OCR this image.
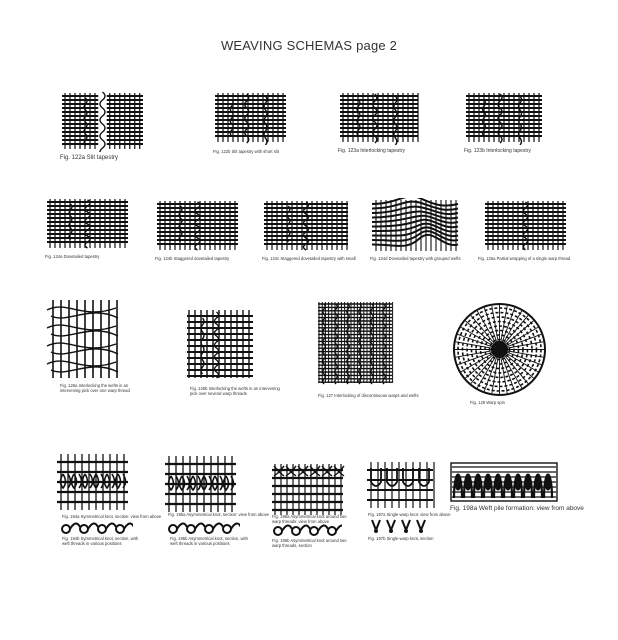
WEAVING SCHEMAS page 2
Fig. 122a Slit tapestry
Fig. 122b Slit tapestry with short slit	Fig. 123a Interlocking tapestry	Fig. 123b Interlocking tapestry
Fig. 124a Dovetailed tapestry	Fig. 124b Staggered dovetailed tapestry	Fig. 124c Staggered dovetailed tapestry with small	Fig. 124d Dovetailed tapestry with grouped wefts	Fig. 125a Partial wrapping of a single warp thread
Fig. 126a Interlocking the wefts in an intervening pick over one warp thread	Fig. 126b Interlocking the wefts in an intervening pick over several warp threads	Fig. 127 Interlocking of discontinuous warps and wefts
Fig. 128 Warp spin
Fig. 194a Symmetrical knot, section: view from above
Fig. 194b Symmetrical knot, section, with weft threads in various positions
Fig. 195a Asymmetrical knot, section: view from above
Fig. 195b Asymmetrical knot, section, with weft threads in various positions
Fig. 196a Asymmetrical knot around two warp threads: view from above
Fig. 196b Asymmetrical knot around two warp threads, section
Fig. 197a Single-warp knot: view from above
Fig. 197b Single-warp knot, section
Fig. 198a Weft pile formation: view from above
